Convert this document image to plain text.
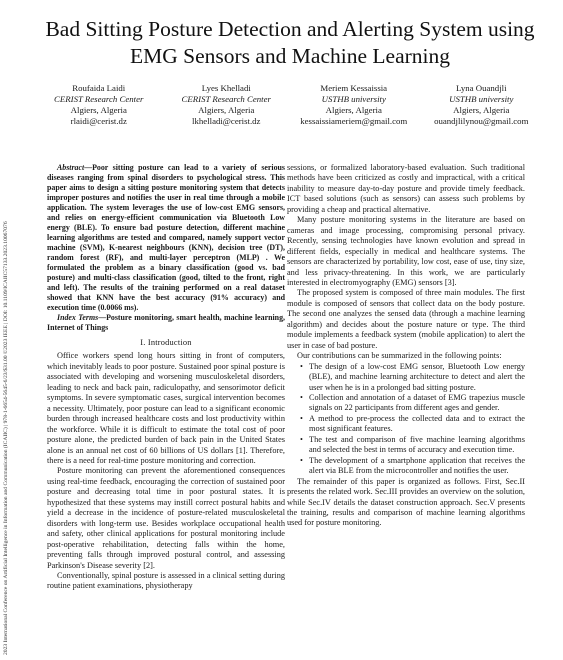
2023 International Conference on Artificial Intelligence in Information and Communication (ICAIIC) | 978-1-6654-5645-6/23/$31.00 ©2023 IEEE | DOI: 10.1109/ICAIIC57133.2023.10067076
Bad Sitting Posture Detection and Alerting System using EMG Sensors and Machine Learning
Roufaida Laidi
CERIST Research Center
Algiers, Algeria
rlaidi@cerist.dz
Lyes Khelladi
CERIST Research Center
Algiers, Algeria
lkhelladi@cerist.dz
Meriem Kessaissia
USTHB university
Algiers, Algeria
kessaissiameriem@gmail.com
Lyna Ouandjli
USTHB university
Algiers, Algeria
ouandjlilynou@gmail.com

Abstract—Poor sitting posture can lead to a variety of serious diseases ranging from spinal disorders to psychological stress. This paper aims to design a sitting posture monitoring system that detects improper postures and notifies the user in real time through a mobile application. The system leverages the use of low-cost EMG sensors, and relies on energy-efficient communication via Bluetooth Low energy (BLE). To ensure bad posture detection, different machine learning algorithms are tested and compared, namely support vector machine (SVM), K-nearest neighbours (KNN), decision tree (DT), random forest (RF), and multi-layer perceptron (MLP) . We formulated the problem as a binary classification (good vs. bad posture) and multi-class classification (good, tilted to the front, right and left). The results of the training performed on a real dataset showed that KNN have the best accuracy (91% accuracy) and execution time (0.0066 ms).

Index Terms—Posture monitoring, smart health, machine learning, Internet of Things

I. Introduction

Office workers spend long hours sitting in front of computers, which inevitably leads to poor posture. Sustained poor spinal posture is associated with developing and worsening musculoskeletal disorders, leading to neck and back pain, radiculopathy, and sensorimotor deficit symptoms. In severe symptomatic cases, surgical intervention becomes a necessity. Ultimately, poor posture can lead to a significant economic burden through increased healthcare costs and lost productivity within the workforce. While it is difficult to estimate the total cost of poor posture alone, the predicted burden of back pain in the United States alone is an annual net cost of 60 billions of US dollars [1]. Therefore, there is a need for real-time posture monitoring and correction.

Posture monitoring can prevent the aforementioned consequences using real-time feedback, encouraging the correction of sustained poor posture and decreasing total time in poor postural states. It is hypothesized that these systems may instill correct postural habits and yield a decrease in the incidence of posture-related musculoskeletal disorders with long-term use. Besides workplace occupational health and safety, other clinical applications for postural monitoring include post-operative rehabilitation, detecting falls within the home, preventing falls through improved postural control, and assessing Parkinson's Disease severity [2].

Conventionally, spinal posture is assessed in a clinical setting during routine patient examinations, physiotherapy

sessions, or formalized laboratory-based evaluation. Such traditional methods have been criticized as costly and impractical, with a critical inability to measure day-to-day posture and provide timely feedback. ICT based solutions (such as sensors) can assess such problems by providing a cheap and practical alternative.

Many posture monitoring systems in the literature are based on cameras and image processing, compromising personal privacy. Recently, sensing technologies have known evolution and spread in different fields, especially in medical and healthcare systems. The sensors are characterized by portability, low cost, ease of use, tiny size, and less privacy-threatening. In this work, we are particularly interested in electromyography (EMG) sensors [3].

The proposed system is composed of three main modules. The first module is composed of sensors that collect data on the body posture. The second one analyzes the sensed data (through a machine learning algorithm) and decides about the posture nature or type. The third module implements a feedback system (mobile application) to alert the user in case of bad posture.

Our contributions can be summarized in the following points:

• The design of a low-cost EMG sensor, Bluetooth Low energy (BLE), and machine learning architecture to detect and alert the user when he is in a prolonged bad sitting posture.
• Collection and annotation of a dataset of EMG trapezius muscle signals on 22 participants from different ages and gender.
• A method to pre-process the collected data and to extract the most significant features.
• The test and comparison of five machine learning algorithms and selected the best in terms of accuracy and execution time.
• The development of a smartphone application that receives the alert via BLE from the microcontroller and notifies the user.

The remainder of this paper is organized as follows. First, Sec.II presents the related work. Sec.III provides an overview on the solution, while Sec.IV details the dataset construction approach. Sec.V presents the training, results and comparison of machine learning algorithms used for posture monitoring.
